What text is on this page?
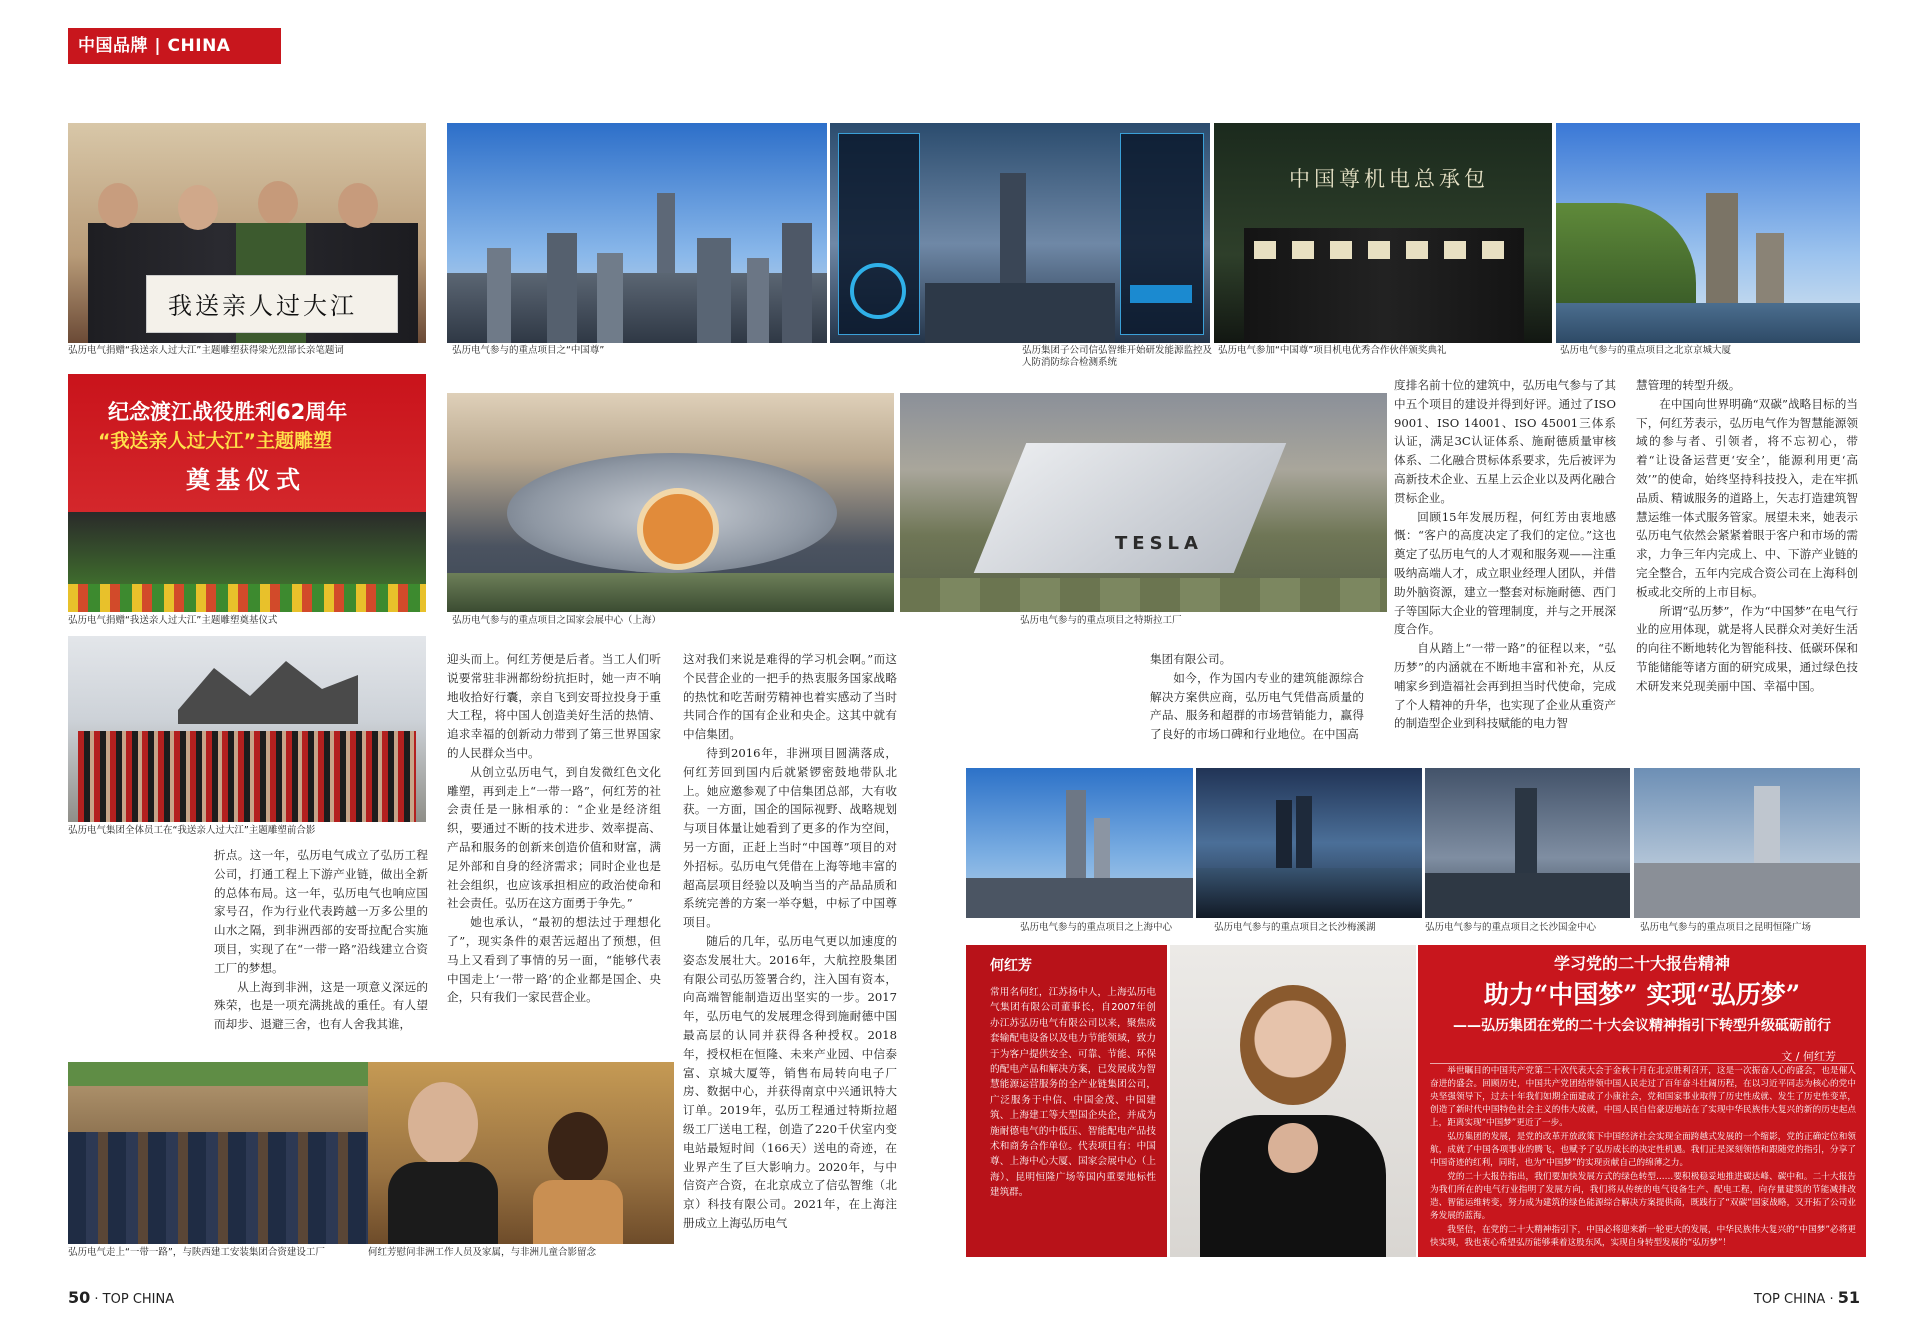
中国品牌 | CHINA BRAND
我送亲人过大江
中国尊机电总承包
弘历电气捐赠“我送亲人过大江”主题雕塑获得梁光烈部长亲笔题词	弘历电气参与的重点项目之“中国尊”	弘历集团子公司信弘智维开始研发能源监控及人防消防综合检测系统
弘历电气参加“中国尊”项目机电优秀合作伙伴颁奖典礼	弘历电气参与的重点项目之北京京城大厦
纪念渡江战役胜利62周年
“我送亲人过大江”主题雕塑
奠基仪式
TESLA
弘历电气捐赠“我送亲人过大江”主题雕塑奠基仪式	弘历电气参与的重点项目之国家会展中心（上海）	弘历电气参与的重点项目之特斯拉工厂
弘历电气集团全体员工在“我送亲人过大江”主题雕塑前合影

折点。这一年，弘历电气成立了弘历工程公司，打通工程上下游产业链，做出全新的总体布局。这一年，弘历电气也响应国家号召，作为行业代表跨越一万多公里的山水之隔，到非洲西部的安哥拉配合实施项目，实现了在“一带一路”沿线建立合资工厂的梦想。

从上海到非洲，这是一项意义深远的殊荣，也是一项充满挑战的重任。有人望而却步、退避三舍，也有人舍我其谁，

迎头而上。何红芳便是后者。当工人们听说要常驻非洲都纷纷抗拒时，她一声不响地收拾好行囊，亲自飞到安哥拉投身于重大工程，将中国人创造美好生活的热情、追求幸福的创新动力带到了第三世界国家的人民群众当中。

从创立弘历电气，到自发微红色文化雕塑，再到走上“一带一路”，何红芳的社会责任是一脉相承的：“企业是经济组织，要通过不断的技术进步、效率提高、产品和服务的创新来创造价值和财富，满足外部和自身的经济需求；同时企业也是社会组织，也应该承担相应的政治使命和社会责任。弘历在这方面勇于争先。”

她也承认，“最初的想法过于理想化了”，现实条件的艰苦远超出了预想，但马上又看到了事情的另一面，“能够代表中国走上‘一带一路’的企业都是国企、央企，只有我们一家民营企业。

这对我们来说是难得的学习机会啊。”而这个民营企业的一把手的热衷服务国家战略的热忱和吃苦耐劳精神也着实感动了当时共同合作的国有企业和央企。这其中就有中信集团。

待到2016年，非洲项目圆满落成，何红芳回到国内后就紧锣密鼓地带队北上。她应邀参观了中信集团总部，大有收获。一方面，国企的国际视野、战略规划与项目体量让她看到了更多的作为空间，另一方面，正赶上当时“中国尊”项目的对外招标。弘历电气凭借在上海等地丰富的超高层项目经验以及响当当的产品品质和系统完善的方案一举夺魁，中标了中国尊项目。

随后的几年，弘历电气更以加速度的姿态发展壮大。2016年，大航控股集团有限公司弘历签署合约，注入国有资本，向高端智能制造迈出坚实的一步。2017年，弘历电气的发展理念得到施耐德中国最高层的认同并获得各种授权。2018年，授权柜在恒隆、未来产业园、中信泰富、京城大厦等，销售布局转向电子厂房、数据中心，并获得南京中兴通讯特大订单。2019年，弘历工程通过特斯拉超级工厂送电工程，创造了220千伏室内变电站最短时间（166天）送电的奇迹，在业界产生了巨大影响力。2020年，与中信资产合资，在北京成立了信弘智维（北京）科技有限公司。2021年，在上海注册成立上海弘历电气

集团有限公司。

如今，作为国内专业的建筑能源综合解决方案供应商，弘历电气凭借高质量的产品、服务和超群的市场营销能力，赢得了良好的市场口碑和行业地位。在中国高

度排名前十位的建筑中，弘历电气参与了其中五个项目的建设并得到好评。通过了ISO 9001、ISO 14001、ISO 45001三体系认证，满足3C认证体系、施耐德质量审核体系、二化融合贯标体系要求，先后被评为高新技术企业、五星上云企业以及两化融合贯标企业。

回顾15年发展历程，何红芳由衷地感慨：“客户的高度决定了我们的定位。”这也奠定了弘历电气的人才观和服务观——注重吸纳高端人才，成立职业经理人团队，并借助外脑资源，建立一整套对标施耐德、西门子等国际大企业的管理制度，并与之开展深度合作。

自从踏上“一带一路”的征程以来，“弘历梦”的内涵就在不断地丰富和补充，从反哺家乡到造福社会再到担当时代使命，完成了个人精神的升华，也实现了企业从重资产的制造型企业到科技赋能的电力智

慧管理的转型升级。

在中国向世界明确“双碳”战略目标的当下，何红芳表示，弘历电气作为智慧能源领域的参与者、引领者，将不忘初心，带着“让设备运营更‘安全’，能源利用更‘高效’”的使命，始终坚持科技投入，走在牢抓品质、精诚服务的道路上，矢志打造建筑智慧运维一体式服务管家。展望未来，她表示弘历电气依然会紧紧着眼于客户和市场的需求，力争三年内完成上、中、下游产业链的完全整合，五年内完成合资公司在上海科创板或北交所的上市目标。

所谓“弘历梦”，作为“中国梦”在电气行业的应用体现，就是将人民群众对美好生活的向往不断地转化为智能科技、低碳环保和节能储能等诸方面的研究成果，通过绿色技术研发来兑现美丽中国、幸福中国。

弘历电气参与的重点项目之上海中心	弘历电气参与的重点项目之长沙梅溪湖	弘历电气参与的重点项目之长沙国金中心	弘历电气参与的重点项目之昆明恒隆广场
弘历电气走上“一带一路”，与陕西建工安装集团合资建设工厂	何红芳慰问非洲工作人员及家属，与非洲儿童合影留念
何红芳
常用名何红，江苏扬中人，上海弘历电气集团有限公司董事长，自2007年创办江苏弘历电气有限公司以来，聚焦成套输配电设备以及电力节能领域，致力于为客户提供安全、可靠、节能、环保的配电产品和解决方案，已发展成为智慧能源运营服务的全产业链集团公司，广泛服务于中信、中国金茂、中国建筑、上海建工等大型国企央企，并成为施耐德电气的中低压、智能配电产品技术和商务合作单位。代表项目有：中国尊、上海中心大厦、国家会展中心（上海）、昆明恒隆广场等国内重要地标性建筑群。
学习党的二十大报告精神
助力“中国梦” 实现“弘历梦”
——弘历集团在党的二十大会议精神指引下转型升级砥砺前行
文 / 何红芳

举世瞩目的中国共产党第二十次代表大会于金秋十月在北京胜利召开，这是一次振奋人心的盛会，也是催人奋进的盛会。回顾历史，中国共产党团结带领中国人民走过了百年奋斗壮阔历程，在以习近平同志为核心的党中央坚强领导下，过去十年我们如期全面建成了小康社会，党和国家事业取得了历史性成就、发生了历史性变革，创造了新时代中国特色社会主义的伟大成就，中国人民自信豪迈地站在了实现中华民族伟大复兴的新的历史起点上，距离实现“中国梦”更近了一步。

弘历集团的发展，是党的改革开放政策下中国经济社会实现全面跨越式发展的一个缩影，党的正确定位和领航，成就了中国各项事业的腾飞，也赋予了弘历成长的决定性机遇。我们正是深刻领悟和跟随党的指引，分享了中国奇迹的红利，同时，也为“中国梦”的实现贡献自己的绵薄之力。

党的二十大报告指出，我们要加快发展方式的绿色转型……要积极稳妥地推进碳达峰、碳中和。二十大报告为我们所在的电气行业指明了发展方向，我们将从传统的电气设备生产、配电工程，向存量建筑的节能减排改造、智能运维转变，努力成为建筑的绿色能源综合解决方案提供商，既践行了“双碳”国家战略，又开拓了公司业务发展的蓝海。

我坚信，在党的二十大精神指引下，中国必将迎来新一轮更大的发展，中华民族伟大复兴的“中国梦”必将更快实现，我也衷心希望弘历能够乘着这股东风，实现自身转型发展的“弘历梦”！

50 · TOP CHINA	TOP CHINA · 51
